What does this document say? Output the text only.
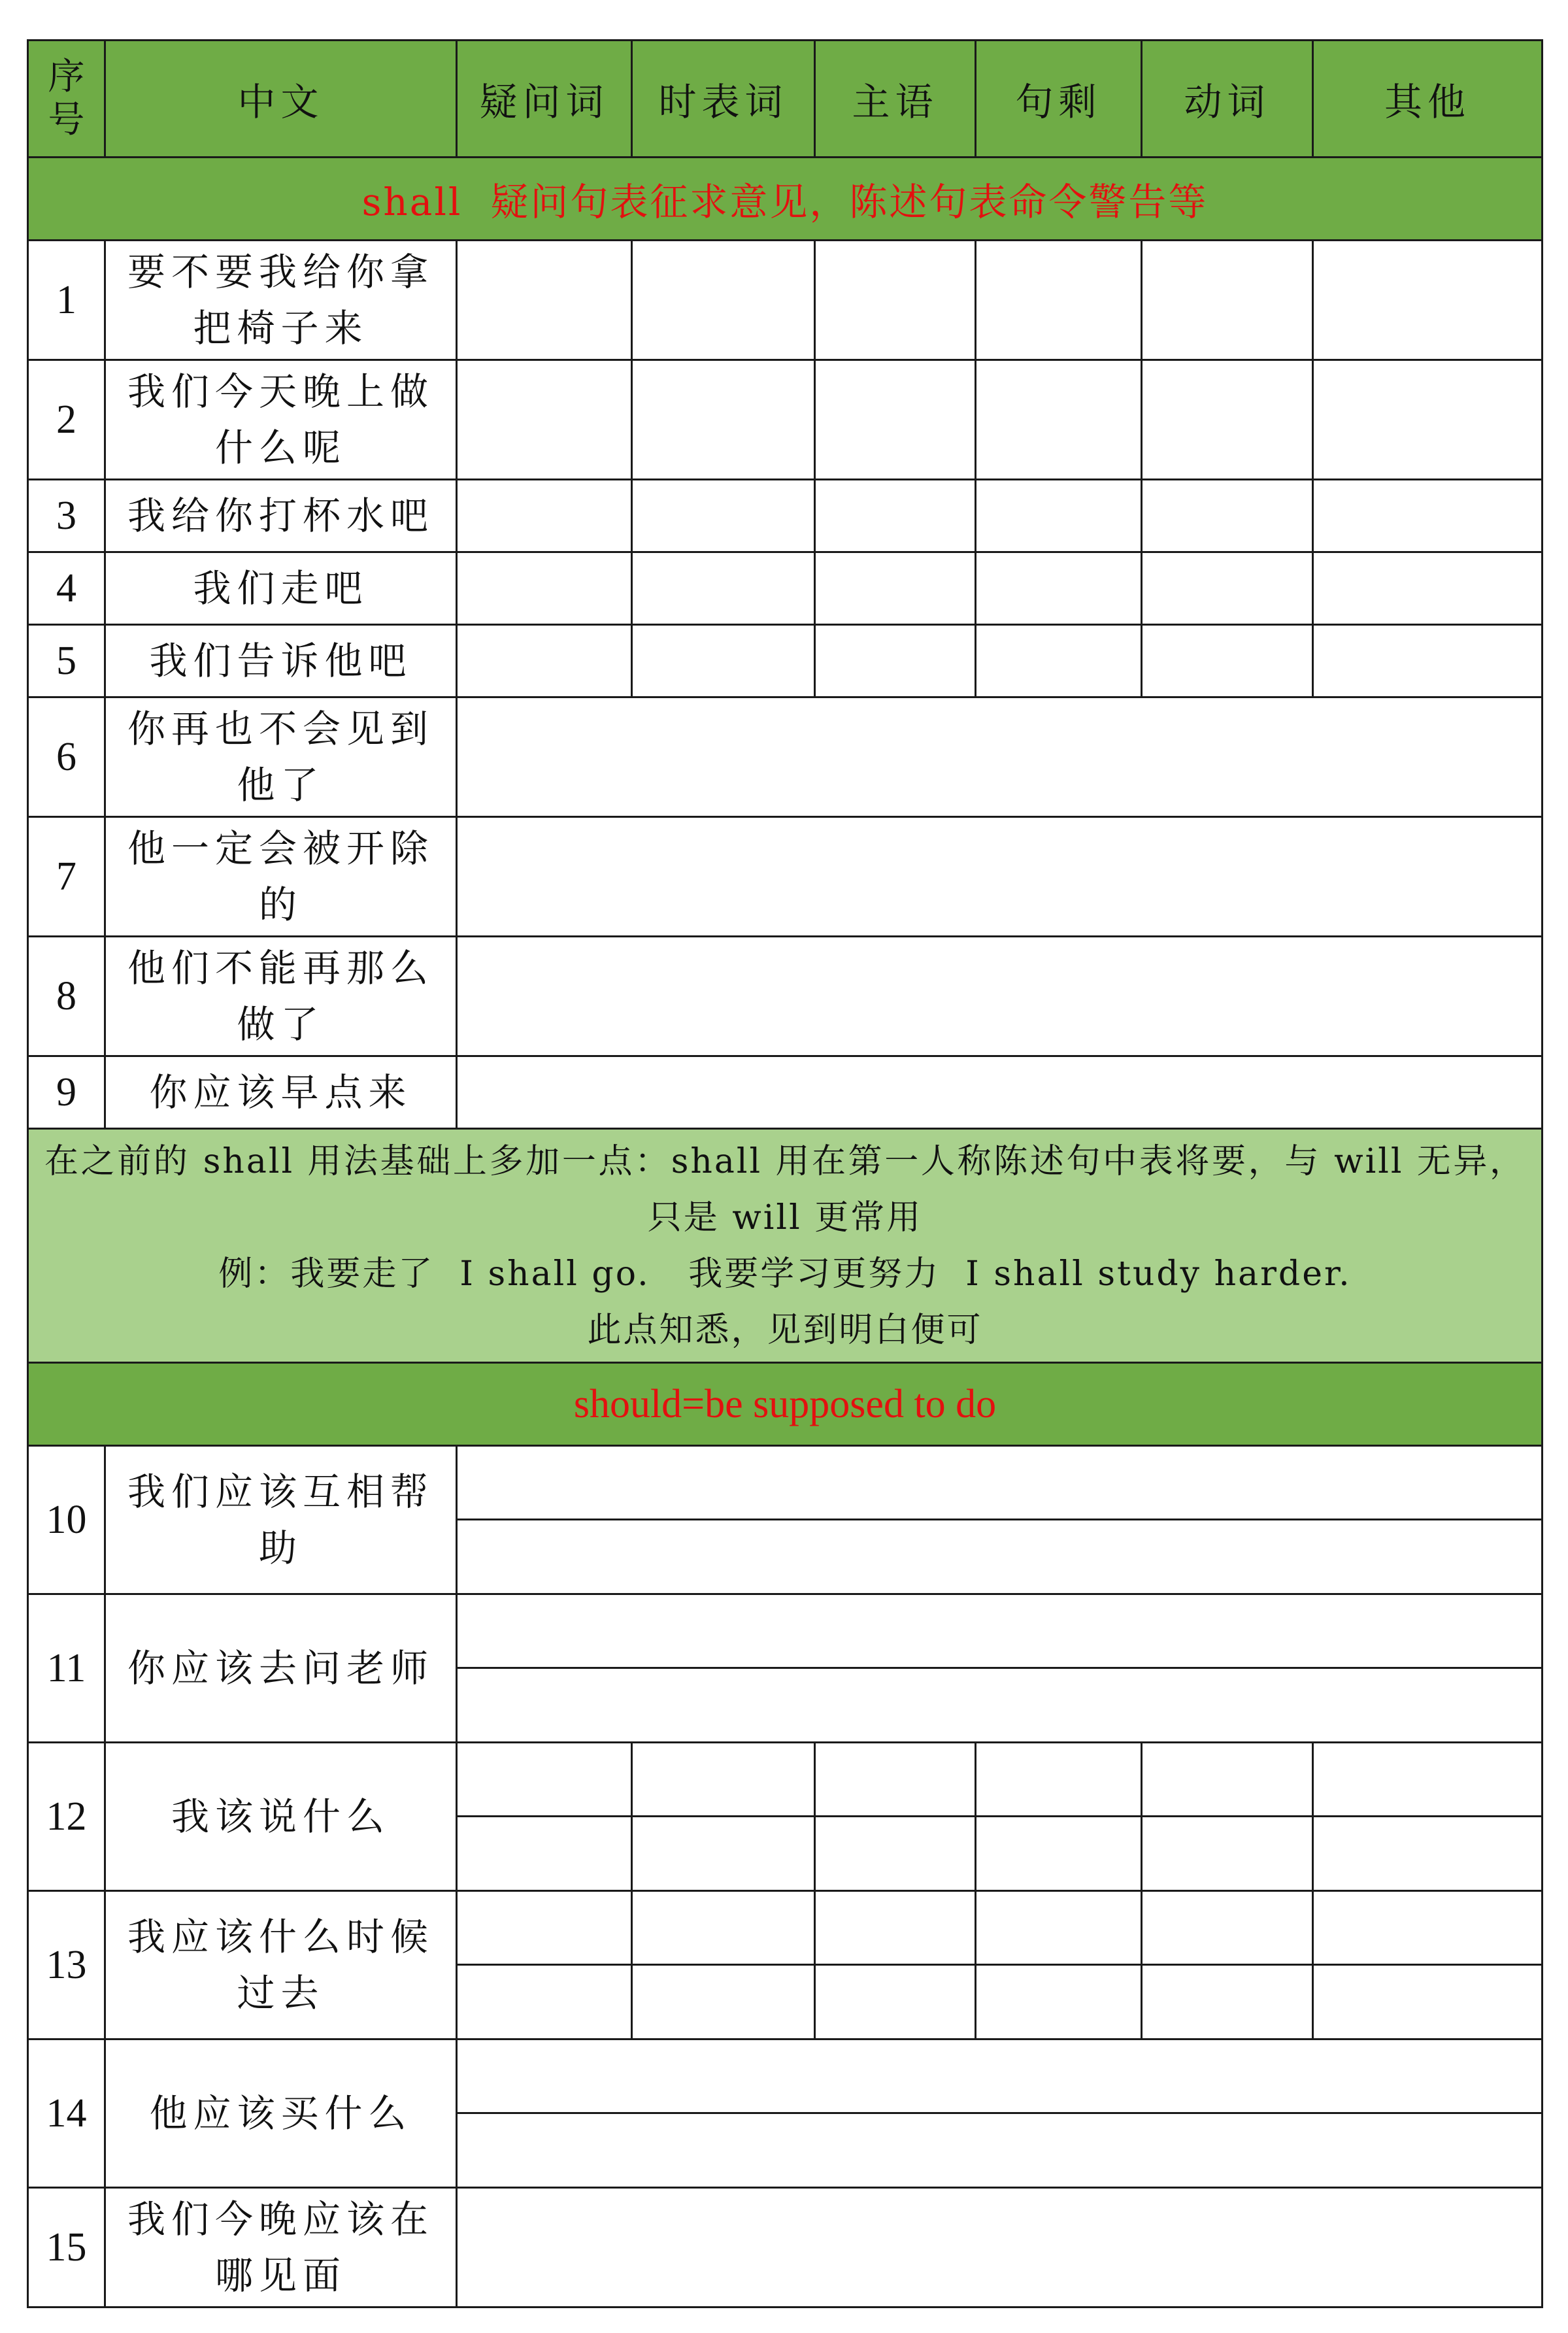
序号	中文	疑问词	时表词	主语	句剩	动词	其他
shall  疑问句表征求意见，陈述句表命令警告等							
1	要不要我给你拿把椅子来						
2	我们今天晚上做什么呢						
3	我给你打杯水吧						
4	我们走吧						
5	我们告诉他吧						
6	你再也不会见到他了						
7	他一定会被开除的						
8	他们不能再那么做了						
9	你应该早点来						

在之前的 shall 用法基础上多加一点：shall 用在第一人称陈述句中表将要，与 will 无异，只是 will 更常用
例：我要走了  I shall go.   我要学习更努力  I shall study harder.
此点知悉，见到明白便可							

should=be supposed to do							
10	我们应该互相帮助						

11	你应该去问老师						

12	我该说什么						

13	我应该什么时候过去						

14	他应该买什么						

15	我们今晚应该在哪见面						
